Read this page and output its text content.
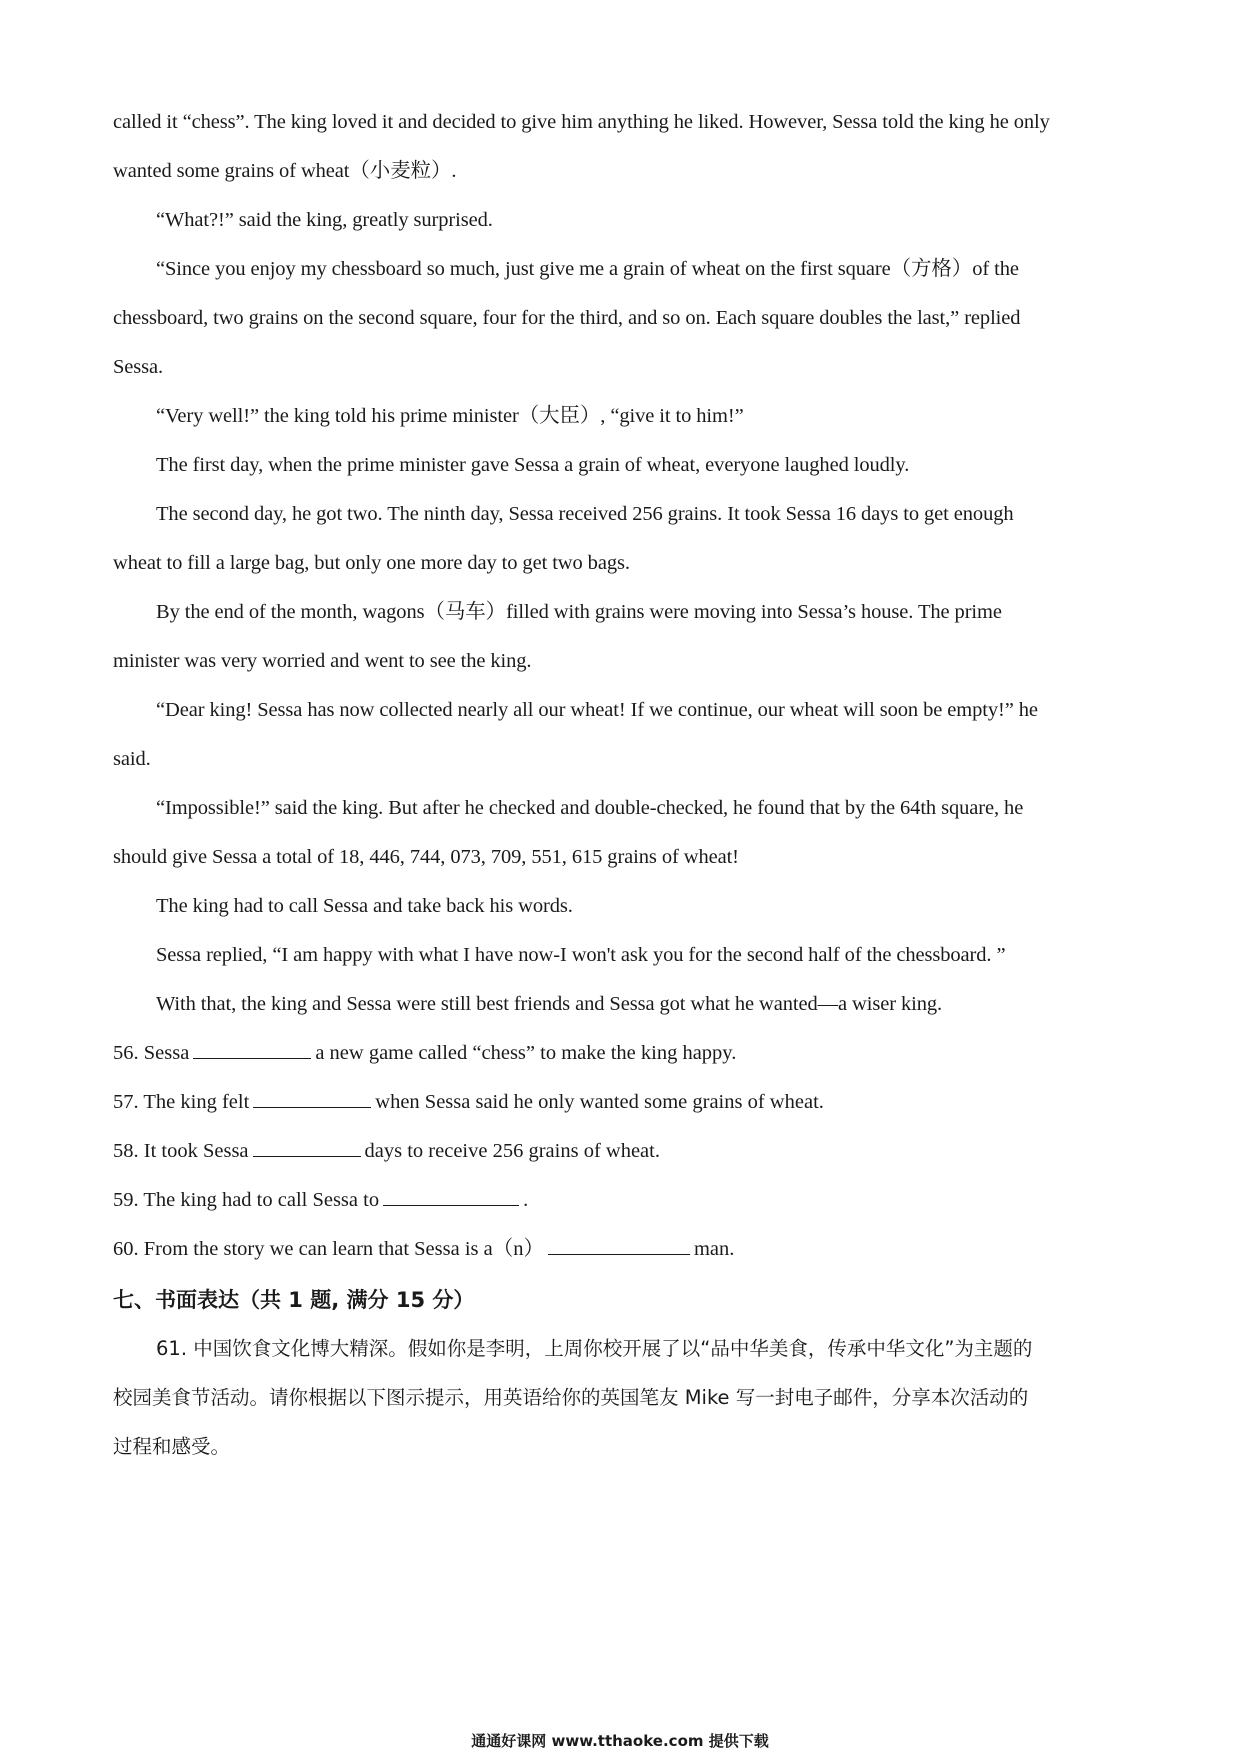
called it “chess”. The king loved it and decided to give him anything he liked. However, Sessa told the king he only
wanted some grains of wheat（小麦粒）.
“What?!” said the king, greatly surprised.
“Since you enjoy my chessboard so much, just give me a grain of wheat on the first square（方格）of the
chessboard, two grains on the second square, four for the third, and so on. Each square doubles the last,” replied
Sessa.
“Very well!” the king told his prime minister（大臣）, “give it to him!”
The first day, when the prime minister gave Sessa a grain of wheat, everyone laughed loudly.
The second day, he got two. The ninth day, Sessa received 256 grains. It took Sessa 16 days to get enough
wheat to fill a large bag, but only one more day to get two bags.
By the end of the month, wagons（马车）filled with grains were moving into Sessa’s house. The prime
minister was very worried and went to see the king.
“Dear king! Sessa has now collected nearly all our wheat! If we continue, our wheat will soon be empty!” he
said.
“Impossible!” said the king. But after he checked and double-checked, he found that by the 64th square, he
should give Sessa a total of 18, 446, 744, 073, 709, 551, 615 grains of wheat!
The king had to call Sessa and take back his words.
Sessa replied, “I am happy with what I have now-I won't ask you for the second half of the chessboard. ”
With that, the king and Sessa were still best friends and Sessa got what he wanted—a wiser king.
56. Sessa	a new game called “chess” to make the king happy.
57. The king felt	when Sessa said he only wanted some grains of wheat.
58. It took Sessa	days to receive 256 grains of wheat.
59. The king had to call Sessa to	.
60. From the story we can learn that Sessa is a（n）	man.
七、书面表达（共 1 题, 满分 15 分）
61. 中国饮食文化博大精深。假如你是李明，上周你校开展了以“品中华美食，传承中华文化”为主题的
校园美食节活动。请你根据以下图示提示，用英语给你的英国笔友 Mike 写一封电子邮件，分享本次活动的
过程和感受。
通通好课网 www.tthaoke.com 提供下载
